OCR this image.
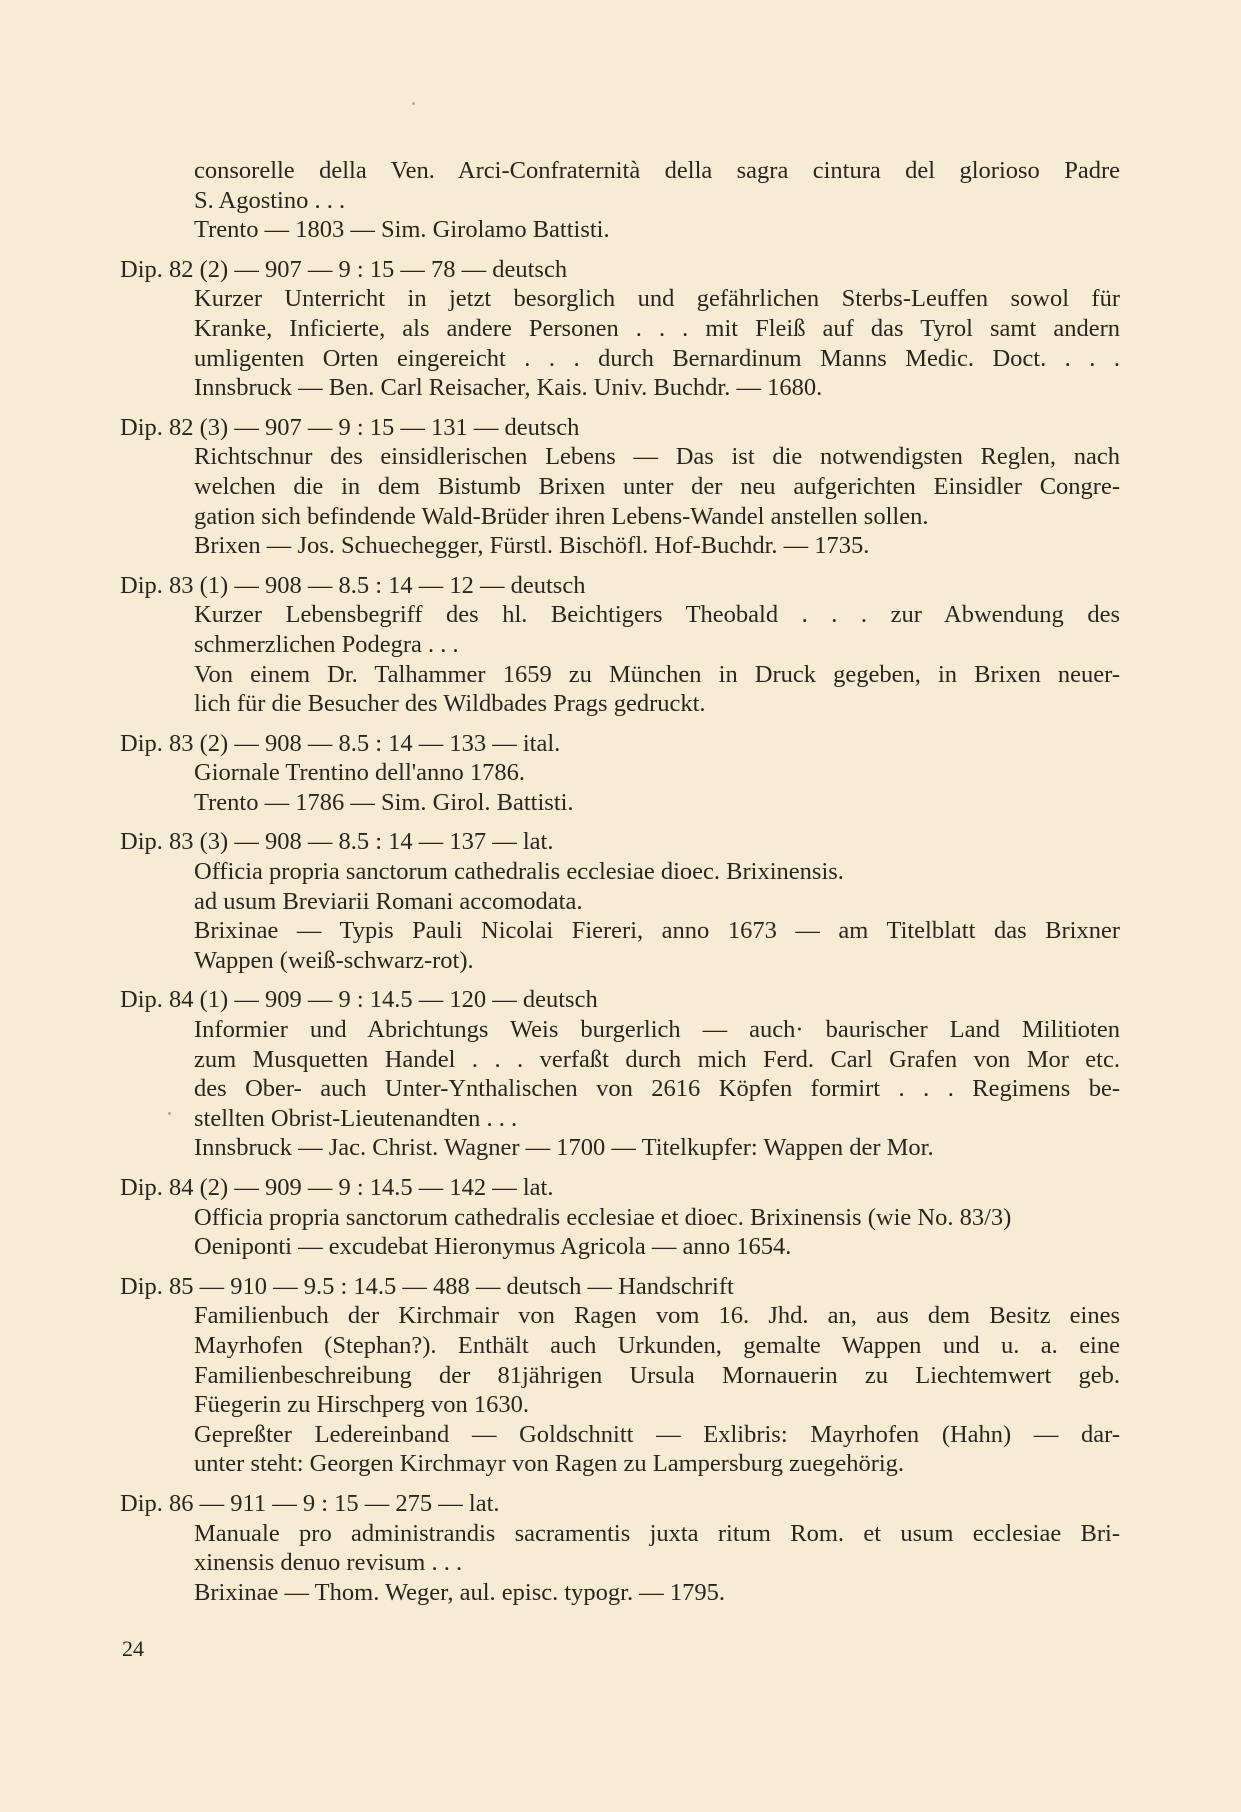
consorelle della Ven. Arci-Confraternità della sagra cintura del glorioso Padre
S. Agostino . . .
Trento — 1803 — Sim. Girolamo Battisti.
Dip. 82 (2) — 907 — 9 : 15 — 78 — deutsch
Kurzer Unterricht in jetzt besorglich und gefährlichen Sterbs-Leuffen sowol für
Kranke, Inficierte, als andere Personen . . . mit Fleiß auf das Tyrol samt andern
umligenten Orten eingereicht . . . durch Bernardinum Manns Medic. Doct. . . .
Innsbruck — Ben. Carl Reisacher, Kais. Univ. Buchdr. — 1680.
Dip. 82 (3) — 907 — 9 : 15 — 131 — deutsch
Richtschnur des einsidlerischen Lebens — Das ist die notwendigsten Reglen, nach
welchen die in dem Bistumb Brixen unter der neu aufgerichten Einsidler Congre-
gation sich befindende Wald-Brüder ihren Lebens-Wandel anstellen sollen.
Brixen — Jos. Schuechegger, Fürstl. Bischöfl. Hof-Buchdr. — 1735.
Dip. 83 (1) — 908 — 8.5 : 14 — 12 — deutsch
Kurzer Lebensbegriff des hl. Beichtigers Theobald . . . zur Abwendung des
schmerzlichen Podegra . . .
Von einem Dr. Talhammer 1659 zu München in Druck gegeben, in Brixen neuer-
lich für die Besucher des Wildbades Prags gedruckt.
Dip. 83 (2) — 908 — 8.5 : 14 — 133 — ital.
Giornale Trentino dell'anno 1786.
Trento — 1786 — Sim. Girol. Battisti.
Dip. 83 (3) — 908 — 8.5 : 14 — 137 — lat.
Officia propria sanctorum cathedralis ecclesiae dioec. Brixinensis.
ad usum Breviarii Romani accomodata.
Brixinae — Typis Pauli Nicolai Fiereri, anno 1673 — am Titelblatt das Brixner
Wappen (weiß-schwarz-rot).
Dip. 84 (1) — 909 — 9 : 14.5 — 120 — deutsch
Informier und Abrichtungs Weis burgerlich — auch· baurischer Land Militioten
zum Musquetten Handel . . . verfaßt durch mich Ferd. Carl Grafen von Mor etc.
des Ober- auch Unter-Ynthalischen von 2616 Köpfen formirt . . . Regimens be-
stellten Obrist-Lieutenandten . . .
Innsbruck — Jac. Christ. Wagner — 1700 — Titelkupfer: Wappen der Mor.
Dip. 84 (2) — 909 — 9 : 14.5 — 142 — lat.
Officia propria sanctorum cathedralis ecclesiae et dioec. Brixinensis (wie No. 83/3)
Oeniponti — excudebat Hieronymus Agricola — anno 1654.
Dip. 85 — 910 — 9.5 : 14.5 — 488 — deutsch — Handschrift
Familienbuch der Kirchmair von Ragen vom 16. Jhd. an, aus dem Besitz eines
Mayrhofen (Stephan?). Enthält auch Urkunden, gemalte Wappen und u. a. eine
Familienbeschreibung der 81jährigen Ursula Mornauerin zu Liechtemwert geb.
Füegerin zu Hirschperg von 1630.
Gepreßter Ledereinband — Goldschnitt — Exlibris: Mayrhofen (Hahn) — dar-
unter steht: Georgen Kirchmayr von Ragen zu Lampersburg zuegehörig.
Dip. 86 — 911 — 9 : 15 — 275 — lat.
Manuale pro administrandis sacramentis juxta ritum Rom. et usum ecclesiae Bri-
xinensis denuo revisum . . .
Brixinae — Thom. Weger, aul. episc. typogr. — 1795.
24
